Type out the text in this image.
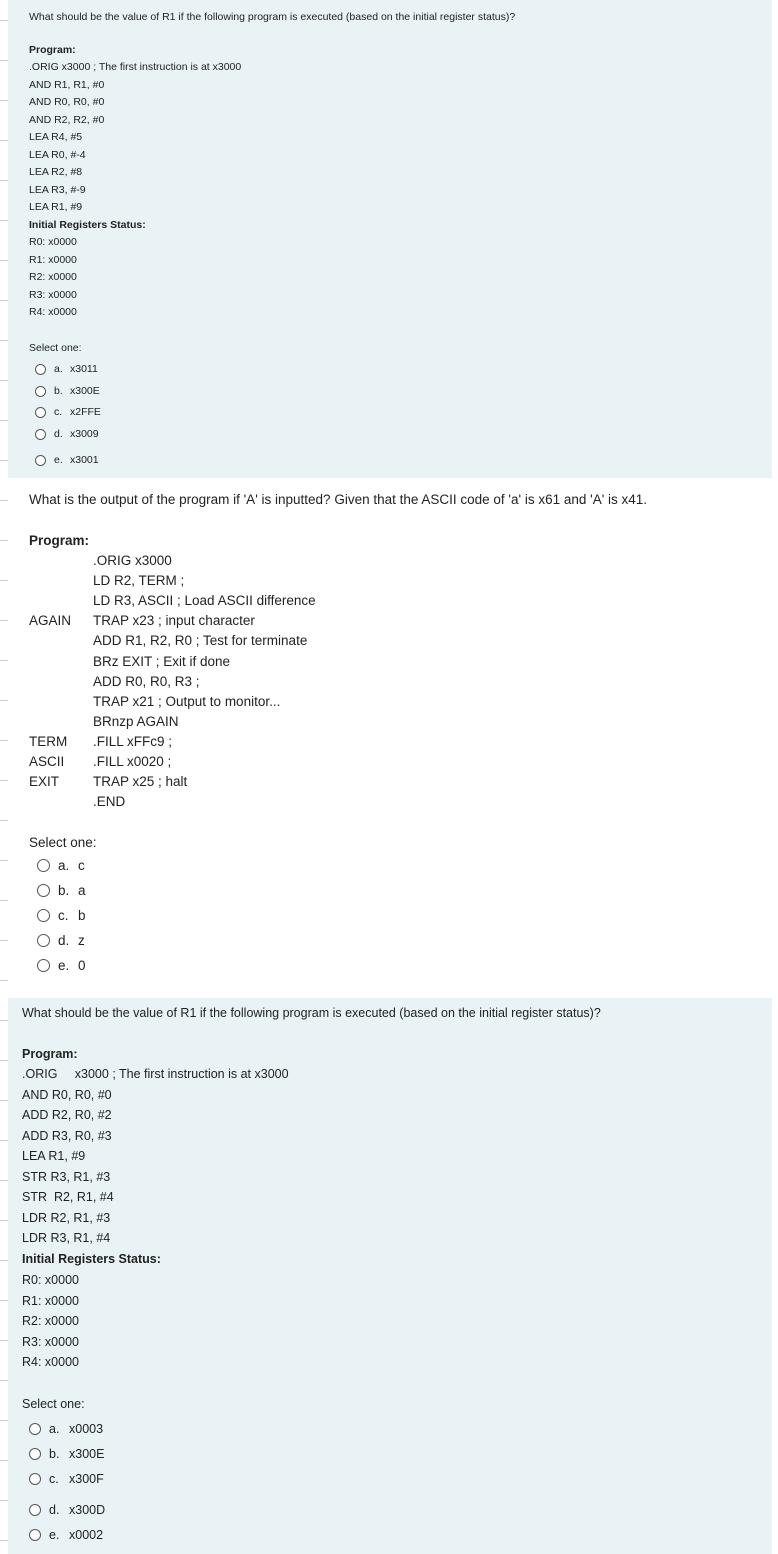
What should be the value of R1 if the following program is executed (based on the initial register status)?
Program:
.ORIG x3000 ; The first instruction is at x3000
AND R1, R1, #0
AND R0, R0, #0
AND R2, R2, #0
LEA R4, #5
LEA R0, #-4
LEA R2, #8
LEA R3, #-9
LEA R1, #9
Initial Registers Status:
R0: x0000
R1: x0000
R2: x0000
R3: x0000
R4: x0000
Select one:
a. x3011
b. x300E
c. x2FFE
d. x3009
e. x3001
What is the output of the program if 'A' is inputted? Given that the ASCII code of 'a' is x61 and 'A' is x41.
Program:
.ORIG x3000
LD R2, TERM ;
LD R3, ASCII ; Load ASCII difference
AGAIN TRAP x23 ; input character
ADD R1, R2, R0 ; Test for terminate
BRz EXIT ; Exit if done
ADD R0, R0, R3 ;
TRAP x21 ; Output to monitor...
BRnzp AGAIN
TERM .FILL xFFc9 ;
ASCII .FILL x0020 ;
EXIT	TRAP x25 ; halt
.END
Select one:
a. c
b. a
c. b
d. z
e. 0
What should be the value of R1 if the following program is executed (based on the initial register status)?
Program:
.ORIG     x3000 ; The first instruction is at x3000
AND R0, R0, #0
ADD R2, R0, #2
ADD R3, R0, #3
LEA R1, #9
STR R3, R1, #3
STR  R2, R1, #4
LDR R2, R1, #3
LDR R3, R1, #4
Initial Registers Status:
R0: x0000
R1: x0000
R2: x0000
R3: x0000
R4: x0000
Select one:
a. x0003
b. x300E
c. x300F
d. x300D
e. x0002
